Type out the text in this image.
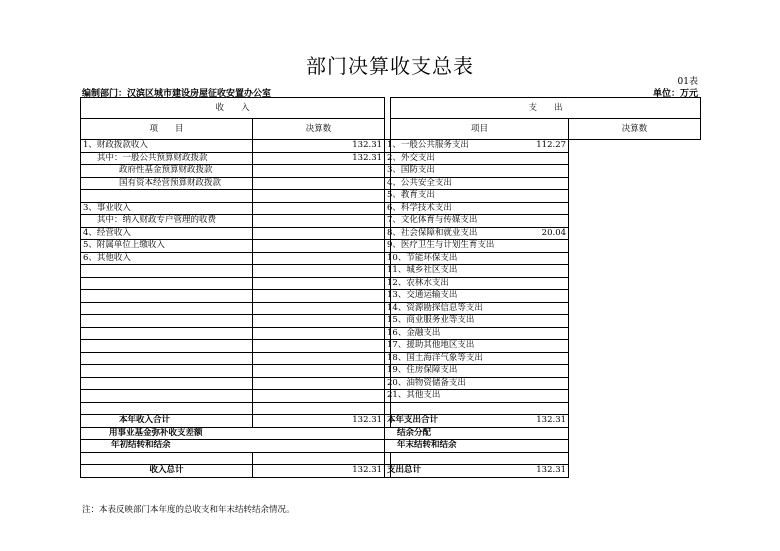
部门决算收支总表
01表
编制部门：汉滨区城市建设房屋征收安置办公室	单位：万元
收　　入			支　　出	
项　　目	决算数		项目	决算数
1、财政拨款收入	132.31	1、一般公共服务支出	112.27	
其中：一般公共预算财政拨款	132.31	2、外交支出		
政府性基金预算财政拨款		3、国防支出		
国有资本经营预算财政拨款		4、公共安全支出		
		5、教育支出		
3、事业收入		6、科学技术支出		
其中：纳入财政专户管理的收费		7、文化体育与传媒支出		
4、经营收入		8、社会保障和就业支出	20.04	
5、附属单位上缴收入		9、医疗卫生与计划生育支出		
6、其他收入		10、节能环保支出		
		11、城乡社区支出		
		12、农林水支出		
		13、交通运输支出		
		14、资源勘探信息等支出		
		15、商业服务业等支出		
		16、金融支出		
		17、援助其他地区支出		
		18、国土海洋气象等支出		
		19、住房保障支出		
		20、油物资储备支出		
		21、其他支出		

本年收入合计	132.31	本年支出合计	132.31	
用事业基金弥补收支差额		结余分配		
年初结转和结余		年末结转和结余		

收入总计	132.31	支出总计	132.31	
注：本表反映部门本年度的总收支和年末结转结余情况。
